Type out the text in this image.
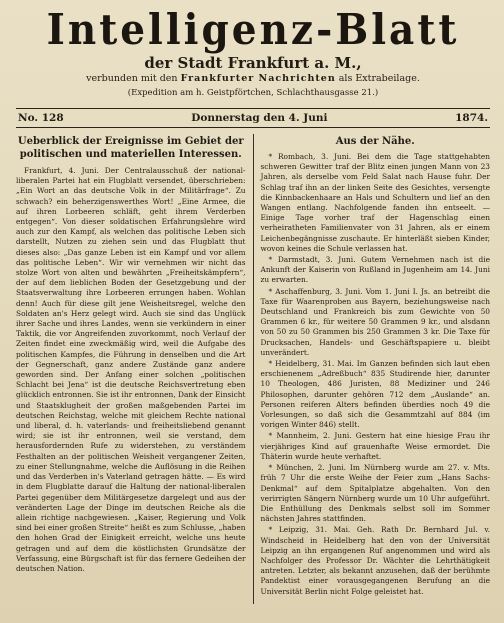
Intelligenz-Blatt
der Stadt Frankfurt a. M.,
verbunden mit den Frankfurter Nachrichten als Extrabeilage.
(Expedition am h. Geistpförtchen, Schlachthausgasse 21.)
No. 128	Donnerstag den 4. Juni	1874.
Ueberblick der Ereignisse im Gebiet der politischen und materiellen Interessen.

Frankfurt, 4. Juni. Der Centralausschuß der national-liberalen Partei hat ein Flugblatt versendet, überschrieben: „Ein Wort an das deutsche Volk in der Militärfrage“. Zu schwach? ein beherzigenswerthes Wort! „Eine Armee, die auf ihren Lorbeeren schläft, geht ihrem Verderben entgegen“. Von dieser soldatischen Erfahrungslehre wird auch zur den Kampf, als welchen das politische Leben sich darstellt, Nutzen zu ziehen sein und das Flugblatt thut dieses also: „Das ganze Leben ist ein Kampf und vor allem das politische Leben“. Wir wir vernehmen wir nicht das stolze Wort von alten und bewährten „Freiheitskämpfern“, der auf dem lieblichen Boden der Gesetzgebung und der Staatsverwaltung ihre Lorbeeren errungen haben. Wohlan denn! Auch für diese gilt jene Weisheitsregel, welche den Soldaten an's Herz gelegt wird. Auch sie sind das Unglück ihrer Sache und ihres Landes, wenn sie verkündern in einer Taktik, die vor Angreifenden zuvorkommt, noch Verlauf der Zeiten findet eine zweckmäßig wird, weil die Aufgabe des politischen Kampfes, die Führung in denselben und die Art der Gegnerschaft, ganz andere Zustände ganz andere geworden sind. Der Anfang einer solchen „politischen Schlacht bei Jena“ ist die deutsche Reichsvertretung eben glücklich entronnen. Sie ist ihr entronnen, Dank der Einsicht und Staatsklugheit der großen maßgebenden Partei im deutschen Reichstag, welche mit gleichem Rechte national und liberal, d. h. vaterlands- und freiheitsliebend genannt wird; sie ist ihr entronnen, weil sie verstand, dem herausfordernden Rufe zu widerstehen, zu verständem Festhalten an der politischen Weisheit vergangener Zeiten, zu einer Stellungnahme, welche die Auflösung in die Reihen und das Verderben in's Vaterland getragen hätte. — Es wird in dem Flugblatte darauf die Haltung der national-liberalen Partei gegenüber dem Militärgesetze dargelegt und aus der veränderten Lage der Dinge im deutschen Reiche als die allein richtige nachgewiesen. „Kaiser, Regierung und Volk sind bei einer großen Streite“ heißt es zum Schlusse, „haben den hohen Grad der Einigkeit erreicht, welche uns heute getragen und auf dem die köstlichsten Grundsätze der Verfassung, eine Bürgschaft ist für das fernere Gedeihen der deutschen Nation.

Aus der Nähe.

* Rombach, 3. Juni. Bei dem die Tage stattgehabten schweren Gewitter traf der Blitz einen jungen Mann von 23 Jahren, als derselbe vom Feld Salat nach Hause fuhr. Der Schlag traf ihn an der linken Seite des Gesichtes, versengte die Kinnbackenhaare an Hals und Schultern und lief an den Wangen entlang. Nachfolgende fanden ihn entseelt. — Einige Tage vorher traf der Hagenschlag einen verheiratheten Familienvater von 31 Jahren, als er einem Leichenbegängnisse zuschaute. Er hinterläßt sieben Kinder, wovon keines die Schule verlassen hat.

* Darmstadt, 3. Juni. Gutem Vernehmen nach ist die Ankunft der Kaiserin von Rußland in Jugenheim am 14. Juni zu erwarten.

* Aschaffenburg, 3. Juni. Vom 1. Juni I. Js. an betreibt die Taxe für Waarenproben aus Bayern, beziehungsweise nach Deutschland und Frankreich bis zum Gewichte von 50 Grammen 6 kr., für weitere 50 Grammen 9 kr., und alsdann von 50 zu 50 Grammen bis 250 Grammen 3 kr. Die Taxe für Drucksachen, Handels- und Geschäftspapiere u. bleibt unverändert.

* Heidelberg, 31. Mai. Im Ganzen befinden sich laut eben erschienenem „Adreßbuch“ 835 Studirende hier, darunter 10 Theologen, 486 Juristen, 88 Mediziner und 246 Philosophen, darunter gehören 712 dem „Auslande“ an. Personen reiferen Alters befinden überdies noch 49 die Vorlesungen, so daß sich die Gesammtzahl auf 884 (im vorigen Winter 846) stellt.

* Mannheim, 2. Juni. Gestern hat eine hiesige Frau ihr vierjähriges Kind auf grauenhafte Weise ermordet. Die Thäterin wurde heute verhaftet.

* München, 2. Juni. Im Nürnberg wurde am 27. v. Mts. früh 7 Uhr die erste Weihe der Feier zum „Hans Sachs-Denkmal“ auf dem Spitalplatze abgehalten. Von den verirrigten Sängern Nürnberg wurde um 10 Uhr aufgeführt. Die Enthüllung des Denkmals selbst soll im Sommer nächsten Jahres stattfinden.

* Leipzig, 31. Mai. Geh. Rath Dr. Bernhard Jul. v. Windscheid in Heidelberg hat den von der Universität Leipzig an ihn ergangenen Ruf angenommen und wird als Nachfolger des Professor Dr. Wächter die Lehrthätigkeit antreten. Letzter, als bekannt anzusehen, daß der berühmte Pandektist einer vorausgegangenen Berufung an die Universität Berlin nicht Folge geleistet hat.
